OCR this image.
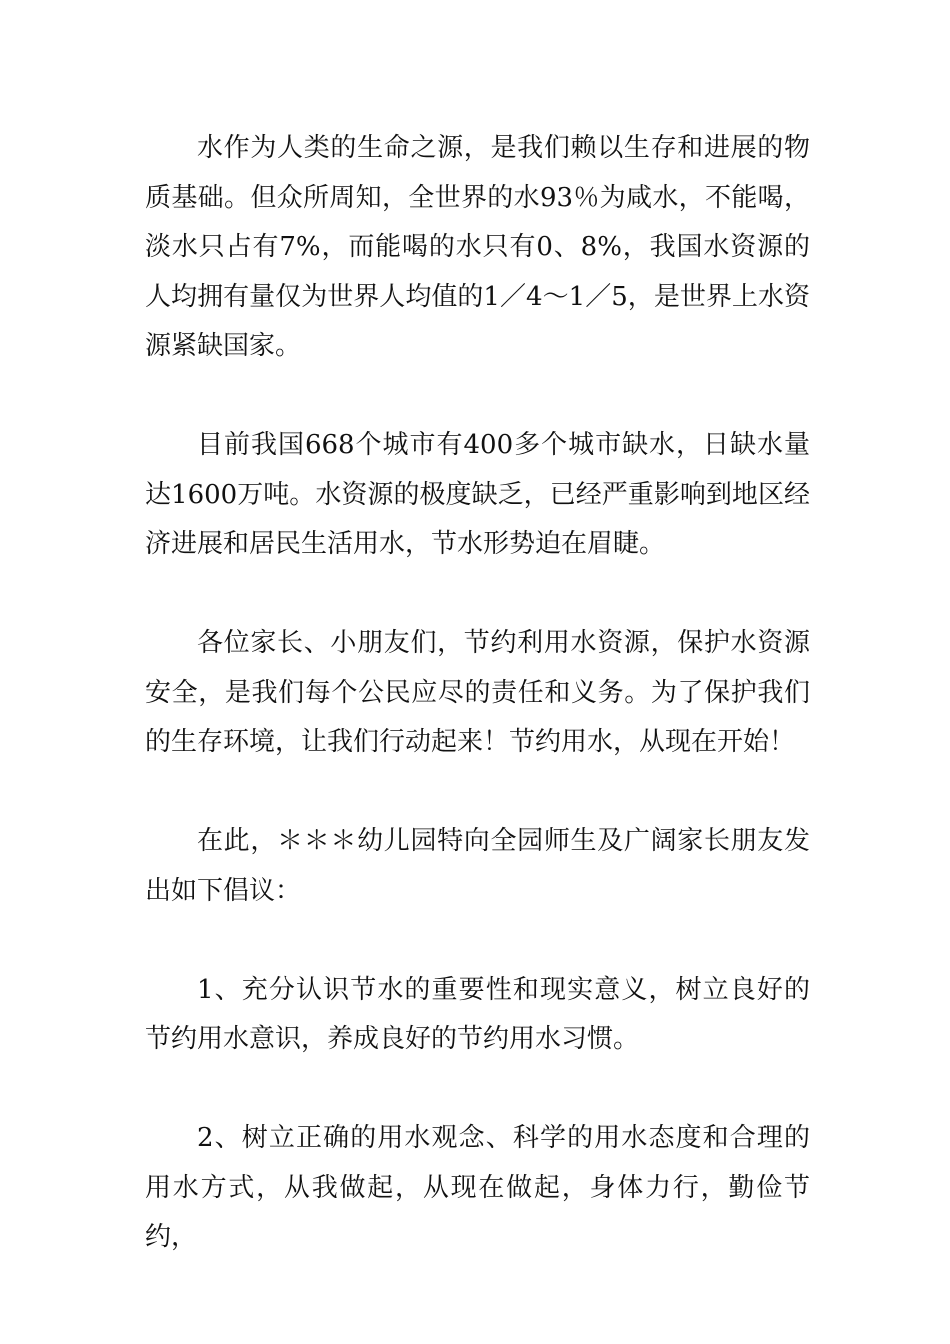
水作为人类的生命之源，是我们赖以生存和进展的物质基础。但众所周知，全世界的水93％为咸水，不能喝，淡水只占有7%，而能喝的水只有0、8%，我国水资源的人均拥有量仅为世界人均值的1／4～1／5，是世界上水资源紧缺国家。

目前我国668个城市有400多个城市缺水，日缺水量达1600万吨。水资源的极度缺乏，已经严重影响到地区经济进展和居民生活用水，节水形势迫在眉睫。

各位家长、小朋友们，节约利用水资源，保护水资源安全，是我们每个公民应尽的责任和义务。为了保护我们的生存环境，让我们行动起来！节约用水，从现在开始！

在此，＊＊＊幼儿园特向全园师生及广阔家长朋友发出如下倡议：

1、充分认识节水的重要性和现实意义，树立良好的节约用水意识，养成良好的节约用水习惯。

2、树立正确的用水观念、科学的用水态度和合理的用水方式，从我做起，从现在做起，身体力行，勤俭节约，
